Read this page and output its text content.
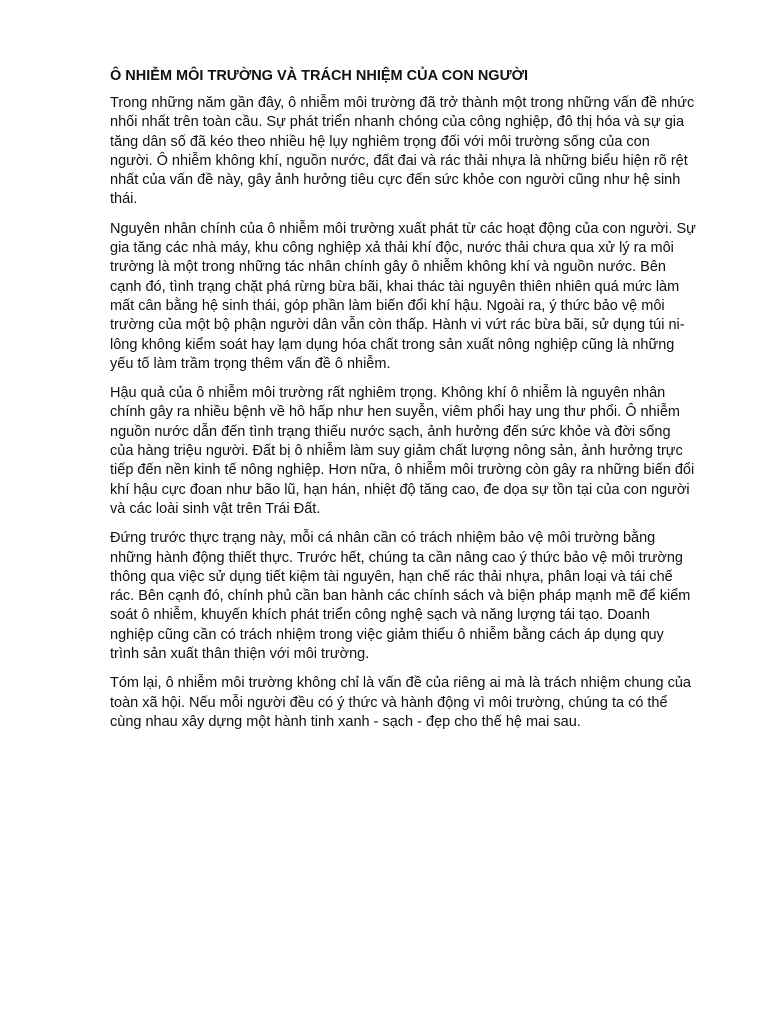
Ô NHIỄM MÔI TRƯỜNG VÀ TRÁCH NHIỆM CỦA CON NGƯỜI

Trong những năm gần đây, ô nhiễm môi trường đã trở thành một trong những vấn đề nhức nhối nhất trên toàn cầu. Sự phát triển nhanh chóng của công nghiệp, đô thị hóa và sự gia tăng dân số đã kéo theo nhiều hệ lụy nghiêm trọng đối với môi trường sống của con người. Ô nhiễm không khí, nguồn nước, đất đai và rác thải nhựa là những biểu hiện rõ rệt nhất của vấn đề này, gây ảnh hưởng tiêu cực đến sức khỏe con người cũng như hệ sinh thái.

Nguyên nhân chính của ô nhiễm môi trường xuất phát từ các hoạt động của con người. Sự gia tăng các nhà máy, khu công nghiệp xả thải khí độc, nước thải chưa qua xử lý ra môi trường là một trong những tác nhân chính gây ô nhiễm không khí và nguồn nước. Bên cạnh đó, tình trạng chặt phá rừng bừa bãi, khai thác tài nguyên thiên nhiên quá mức làm mất cân bằng hệ sinh thái, góp phần làm biến đổi khí hậu. Ngoài ra, ý thức bảo vệ môi trường của một bộ phận người dân vẫn còn thấp. Hành vi vứt rác bừa bãi, sử dụng túi ni-lông không kiểm soát hay lạm dụng hóa chất trong sản xuất nông nghiệp cũng là những yếu tố làm trầm trọng thêm vấn đề ô nhiễm.

Hậu quả của ô nhiễm môi trường rất nghiêm trọng. Không khí ô nhiễm là nguyên nhân chính gây ra nhiều bệnh về hô hấp như hen suyễn, viêm phổi hay ung thư phổi. Ô nhiễm nguồn nước dẫn đến tình trạng thiếu nước sạch, ảnh hưởng đến sức khỏe và đời sống của hàng triệu người. Đất bị ô nhiễm làm suy giảm chất lượng nông sản, ảnh hưởng trực tiếp đến nền kinh tế nông nghiệp. Hơn nữa, ô nhiễm môi trường còn gây ra những biến đổi khí hậu cực đoan như bão lũ, hạn hán, nhiệt độ tăng cao, đe dọa sự tồn tại của con người và các loài sinh vật trên Trái Đất.

Đứng trước thực trạng này, mỗi cá nhân cần có trách nhiệm bảo vệ môi trường bằng những hành động thiết thực. Trước hết, chúng ta cần nâng cao ý thức bảo vệ môi trường thông qua việc sử dụng tiết kiệm tài nguyên, hạn chế rác thải nhựa, phân loại và tái chế rác. Bên cạnh đó, chính phủ cần ban hành các chính sách và biện pháp mạnh mẽ để kiểm soát ô nhiễm, khuyến khích phát triển công nghệ sạch và năng lượng tái tạo. Doanh nghiệp cũng cần có trách nhiệm trong việc giảm thiểu ô nhiễm bằng cách áp dụng quy trình sản xuất thân thiện với môi trường.

Tóm lại, ô nhiễm môi trường không chỉ là vấn đề của riêng ai mà là trách nhiệm chung của toàn xã hội. Nếu mỗi người đều có ý thức và hành động vì môi trường, chúng ta có thể cùng nhau xây dựng một hành tinh xanh - sạch - đẹp cho thế hệ mai sau.
